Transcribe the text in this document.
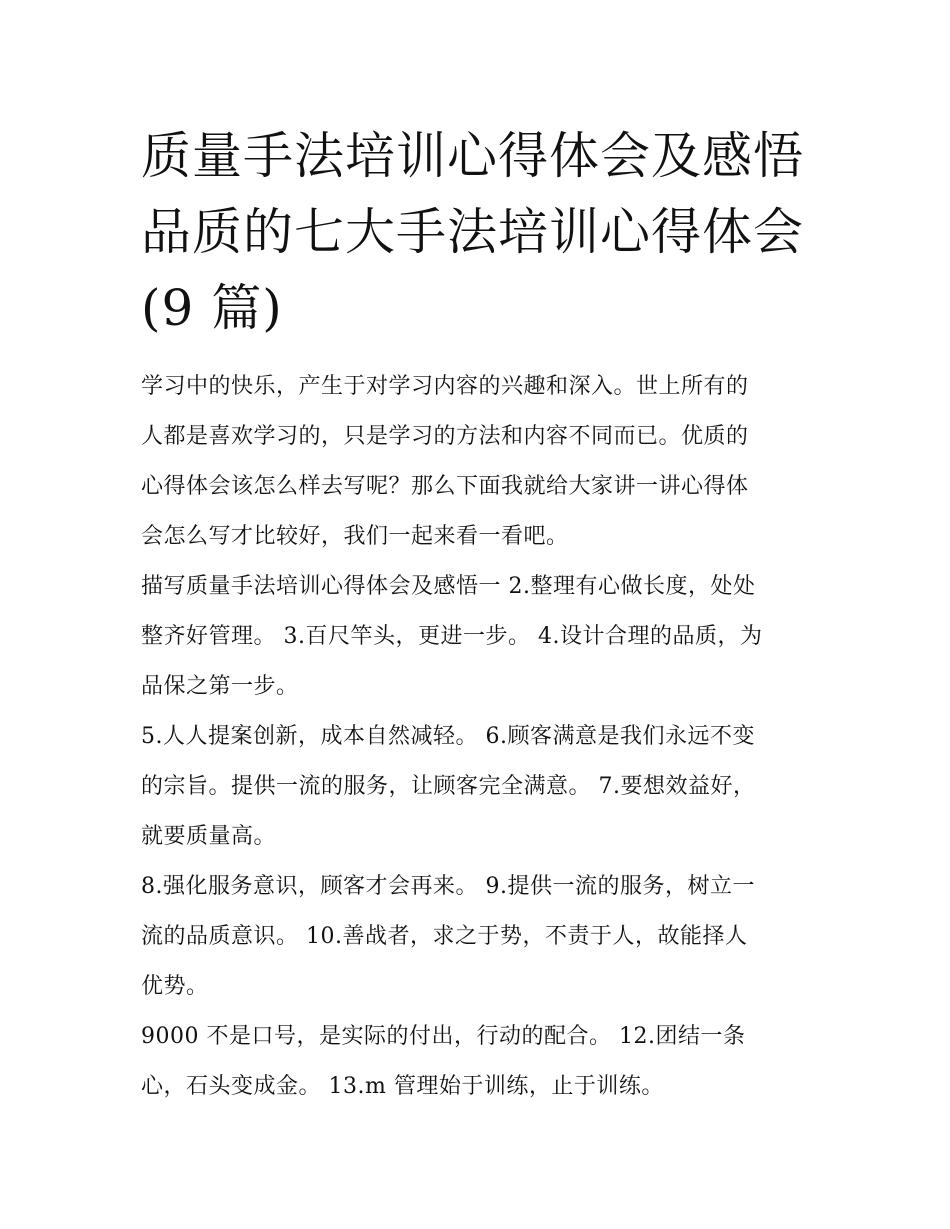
质量手法培训心得体会及感悟
品质的七大手法培训心得体会
(9 篇)

学习中的快乐，产生于对学习内容的兴趣和深入。世上所有的
人都是喜欢学习的，只是学习的方法和内容不同而已。优质的
心得体会该怎么样去写呢？那么下面我就给大家讲一讲心得体
会怎么写才比较好，我们一起来看一看吧。

描写质量手法培训心得体会及感悟一 2.整理有心做长度，处处
整齐好管理。 3.百尺竿头，更进一步。 4.设计合理的品质，为
品保之第一步。

5.人人提案创新，成本自然减轻。 6.顾客满意是我们永远不变
的宗旨。提供一流的服务，让顾客完全满意。 7.要想效益好，
就要质量高。

8.强化服务意识，顾客才会再来。 9.提供一流的服务，树立一
流的品质意识。 10.善战者，求之于势，不责于人，故能择人
优势。

9000 不是口号，是实际的付出，行动的配合。 12.团结一条
心，石头变成金。 13.m 管理始于训练，止于训练。
